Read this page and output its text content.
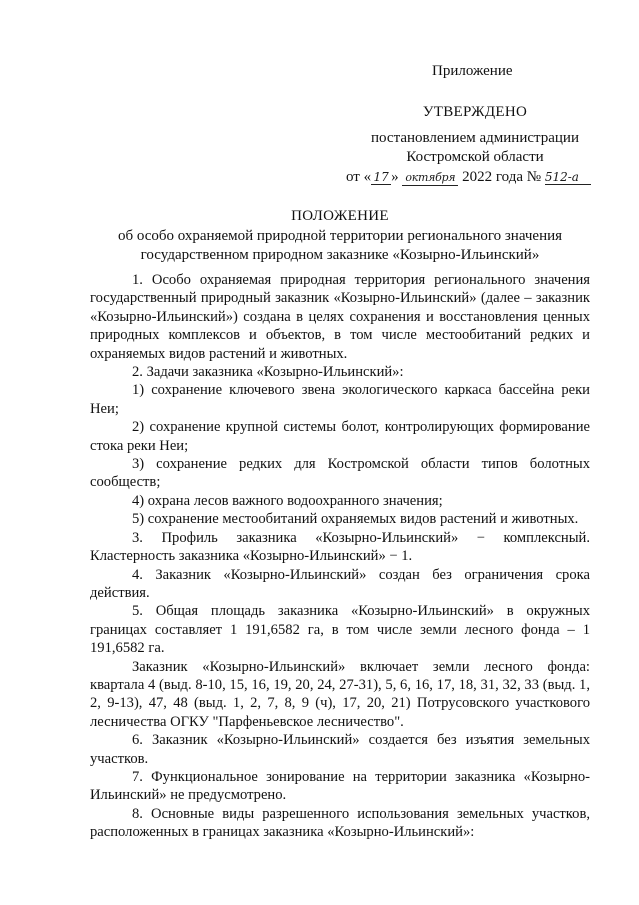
Приложение
УТВЕРЖДЕНО
постановлением администрации
Костромской области
от « 17 » октября 2022 года № 512-а
ПОЛОЖЕНИЕ
об особо охраняемой природной территории регионального значения
государственном природном заказнике «Козырно-Ильинский»

1. Особо охраняемая природная территория регионального значения государственный природный заказник «Козырно-Ильинский» (далее – заказник «Козырно-Ильинский») создана в целях сохранения и восстановления ценных природных комплексов и объектов, в том числе местообитаний редких и охраняемых видов растений и животных.

2. Задачи заказника «Козырно-Ильинский»:

1) сохранение ключевого звена экологического каркаса бассейна реки Неи;

2) сохранение крупной системы болот, контролирующих формирование стока реки Неи;

3) сохранение редких для Костромской области типов болотных сообществ;

4) охрана лесов важного водоохранного значения;

5) сохранение местообитаний охраняемых видов растений и животных.

3. Профиль заказника «Козырно-Ильинский» − комплексный. Кластерность заказника «Козырно-Ильинский» − 1.

4. Заказник «Козырно-Ильинский» создан без ограничения срока действия.

5. Общая площадь заказника «Козырно-Ильинский» в окружных границах составляет 1 191,6582 га, в том числе земли лесного фонда – 1 191,6582 га.

Заказник «Козырно-Ильинский» включает земли лесного фонда: квартала 4 (выд. 8-10, 15, 16, 19, 20, 24, 27-31), 5, 6, 16, 17, 18, 31, 32, 33 (выд. 1, 2, 9-13), 47, 48 (выд. 1, 2, 7, 8, 9 (ч), 17, 20, 21) Потрусовского участкового лесничества ОГКУ "Парфеньевское лесничество".

6. Заказник «Козырно-Ильинский» создается без изъятия земельных участков.

7. Функциональное зонирование на территории заказника «Козырно-Ильинский» не предусмотрено.

8. Основные виды разрешенного использования земельных участков, расположенных в границах заказника «Козырно-Ильинский»:
